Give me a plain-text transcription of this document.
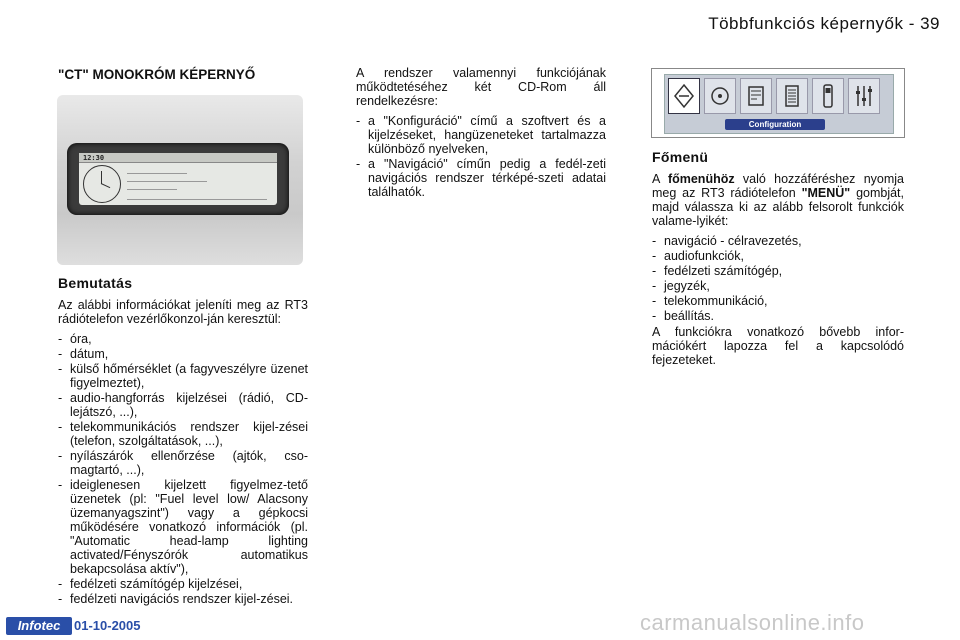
Többfunkciós képernyők - 39
"CT" MONOKRÓM KÉPERNYŐ
12:30
Bemutatás

Az alábbi információkat jeleníti meg az RT3 rádiótelefon vezérlőkonzol-ján keresztül:

- óra,
- dátum,
- külső hőmérséklet (a fagyveszélyre üzenet figyelmeztet),
- audio-hangforrás kijelzései (rádió, CD-lejátszó, ...),
- telekommunikációs rendszer kijel-zései (telefon, szolgáltatások, ...),
- nyílászárók ellenőrzése (ajtók, cso-magtartó, ...),
- ideiglenesen kijelzett figyelmez-tető üzenetek (pl: "Fuel level low/ Alacsony üzemanyagszint") vagy a gépkocsi működésére vonatkozó információk (pl. "Automatic head-lamp lighting activated/Fényszórók automatikus bekapcsolása aktív"),
- fedélzeti számítógép kijelzései,
- fedélzeti navigációs rendszer kijel-zései.

A rendszer valamennyi funkciójának működtetéséhez két CD-Rom áll rendelkezésre:

- a "Konfiguráció" című a szoftvert és a kijelzéseket, hangüzeneteket tartalmazza különböző nyelveken,
- a "Navigáció" címűn pedig a fedél-zeti navigációs rendszer térképé-szeti adatai találhatók.
Configuration
Főmenü

A főmenühöz való hozzáféréshez nyomja meg az RT3 rádiótelefon "MENÜ" gombját, majd válassza ki az alább felsorolt funkciók valame-lyikét:

- navigáció - célravezetés,
- audiofunkciók,
- fedélzeti számítógép,
- jegyzék,
- telekommunikáció,
- beállítás.

A funkciókra vonatkozó bővebb infor-mációkért lapozza fel a kapcsolódó fejezeteket.

Infotec	01-10-2005	carmanualsonline.info
